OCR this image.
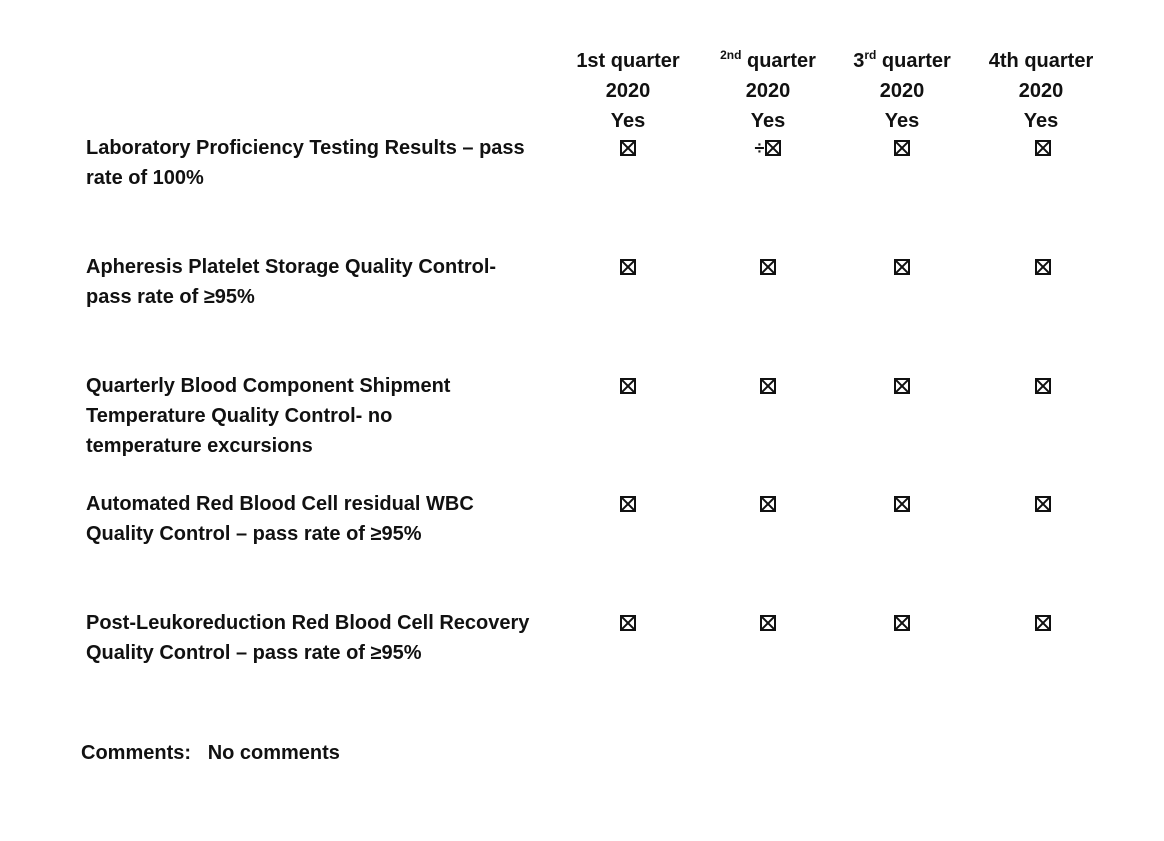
1st quarter
2020
Yes
$^{2nd}$ quarter
2020
Yes
3rd quarter
2020
Yes
4th quarter
2020
Yes
Laboratory Proficiency Testing Results – pass
rate of 100%
÷
Apheresis Platelet Storage Quality Control-
pass rate of ≥95%
Quarterly Blood Component Shipment
Temperature Quality Control- no
temperature excursions
Automated Red Blood Cell residual WBC
Quality Control – pass rate of ≥95%
Post-Leukoreduction Red Blood Cell Recovery
Quality Control – pass rate of ≥95%
Comments: No comments
